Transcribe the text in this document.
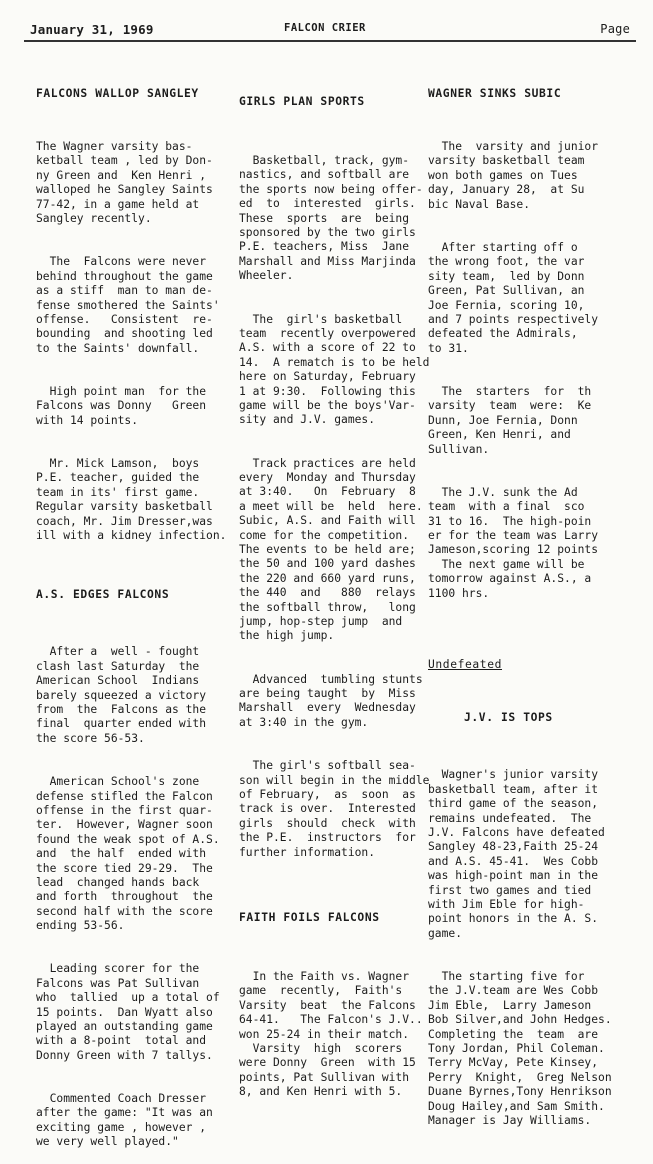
January 31, 1969	FALCON CRIER	Page

FALCONS WALLOP SANGLEY

The Wagner varsity bas-
ketball team , led by Don-
ny Green and  Ken Henri ,
walloped he Sangley Saints
77-42, in a game held at
Sangley recently.

The  Falcons were never
behind throughout the game
as a stiff  man to man de-
fense smothered the Saints'
offense.   Consistent  re-
bounding  and shooting led
to the Saints' downfall.

High point man  for the
Falcons was Donny   Green
with 14 points.

Mr. Mick Lamson,  boys
P.E. teacher, guided the
team in its' first game.
Regular varsity basketball
coach, Mr. Jim Dresser,was
ill with a kidney infection.

A.S. EDGES FALCONS

After a  well - fought
clash last Saturday  the
American School  Indians
barely squeezed a victory
from  the  Falcons as the
final  quarter ended with
the score 56-53.

American School's zone
defense stifled the Falcon
offense in the first quar-
ter.  However, Wagner soon
found the weak spot of A.S.
and  the half  ended with
the score tied 29-29.  The
lead  changed hands back
and forth  throughout  the
second half with the score
ending 53-56.

Leading scorer for the
Falcons was Pat Sullivan
who  tallied  up a total of
15 points.  Dan Wyatt also
played an outstanding game
with a 8-point  total and
Donny Green with 7 tallys.

Commented Coach Dresser
after the game: "It was an
exciting game , however ,
we very well played."

GIRLS PLAN SPORTS

Basketball, track, gym-
nastics, and softball are
the sports now being offer-
ed  to  interested  girls.
These  sports  are  being
sponsored by the two girls
P.E. teachers, Miss  Jane
Marshall and Miss Marjinda
Wheeler.

The  girl's basketball
team  recently overpowered
A.S. with a score of 22 to
14.  A rematch is to be held
here on Saturday, February
1 at 9:30.  Following this
game will be the boys'Var-
sity and J.V. games.

Track practices are held
every  Monday and Thursday
at 3:40.   On  February  8
a meet will be  held  here.
Subic, A.S. and Faith will
come for the competition.
The events to be held are;
the 50 and 100 yard dashes
the 220 and 660 yard runs,
the 440  and   880  relays
the softball throw,   long
jump, hop-step jump  and
the high jump.

Advanced  tumbling stunts
are being taught  by  Miss
Marshall  every  Wednesday
at 3:40 in the gym.

The girl's softball sea-
son will begin in the middle
of February,  as  soon  as
track is over.  Interested
girls  should  check  with
the P.E.  instructors  for
further information.

FAITH FOILS FALCONS

In the Faith vs. Wagner
game  recently,  Faith's
Varsity  beat  the Falcons
64-41.   The Falcon's J.V..
won 25-24 in their match.
Varsity  high  scorers
were Donny  Green  with 15
points, Pat Sullivan with
8, and Ken Henri with 5.

WAGNER SINKS SUBIC

The  varsity and junior
varsity basketball team
won both games on Tues
day, January 28,  at Su
bic Naval Base.

After starting off o
the wrong foot, the var
sity team,  led by Donn
Green, Pat Sullivan, an
Joe Fernia, scoring 10,
and 7 points respectively
defeated the Admirals,
to 31.

The  starters  for  th
varsity  team  were:  Ke
Dunn, Joe Fernia, Donn
Green, Ken Henri, and
Sullivan.

The J.V. sunk the Ad
team  with a final  sco
31 to 16.  The high-poin
er for the team was Larry
Jameson,scoring 12 points
The next game will be
tomorrow against A.S., a
1100 hrs.

Undefeated

J.V. IS TOPS

Wagner's junior varsity
basketball team, after it
third game of the season,
remains undefeated.  The
J.V. Falcons have defeated
Sangley 48-23,Faith 25-24
and A.S. 45-41.  Wes Cobb
was high-point man in the
first two games and tied
with Jim Eble for high-
point honors in the A. S.
game.

The starting five for
the J.V.team are Wes Cobb
Jim Eble,  Larry Jameson
Bob Silver,and John Hedges.
Completing the  team  are
Tony Jordan, Phil Coleman.
Terry McVay, Pete Kinsey,
Perry  Knight,  Greg Nelson
Duane Byrnes,Tony Henrikson
Doug Hailey,and Sam Smith.
Manager is Jay Williams.
